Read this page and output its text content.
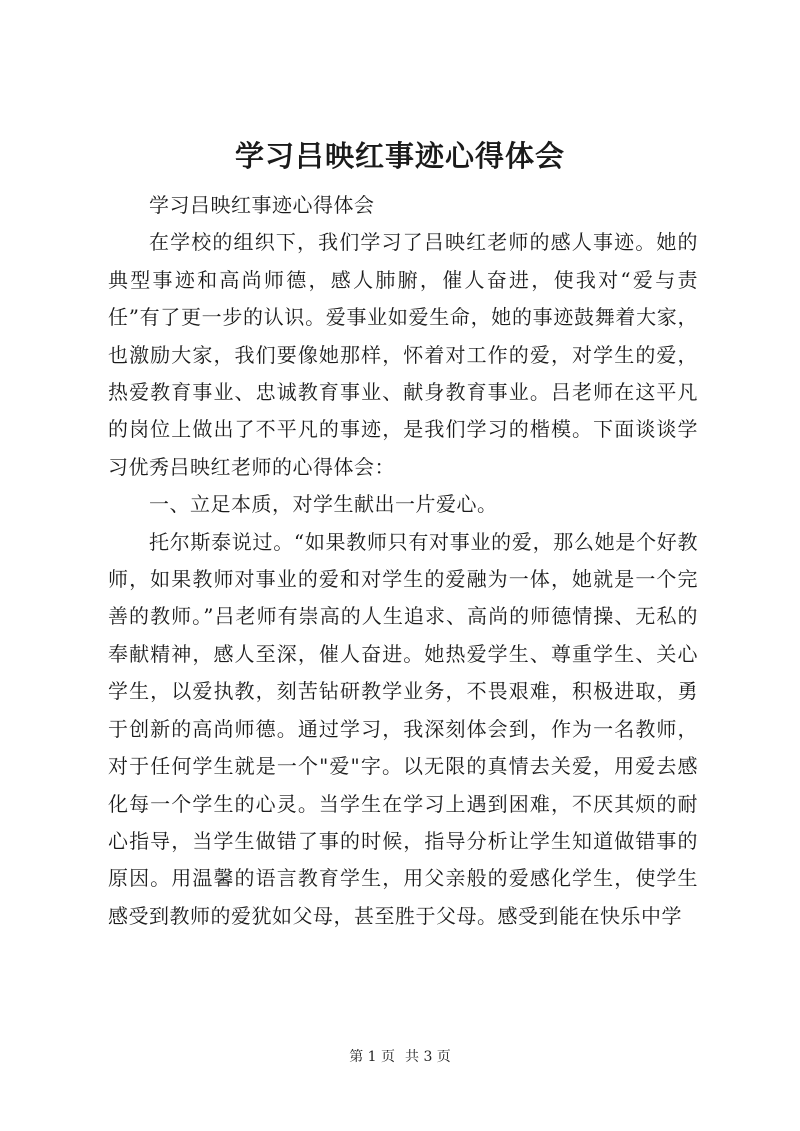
学习吕映红事迹心得体会

学习吕映红事迹心得体会

在学校的组织下，我们学习了吕映红老师的感人事迹。她的典型事迹和高尚师德，感人肺腑，催人奋进，使我对“爱与责任”有了更一步的认识。爱事业如爱生命，她的事迹鼓舞着大家，也激励大家，我们要像她那样，怀着对工作的爱，对学生的爱，热爱教育事业、忠诚教育事业、献身教育事业。吕老师在这平凡的岗位上做出了不平凡的事迹，是我们学习的楷模。下面谈谈学习优秀吕映红老师的心得体会：

一、立足本质，对学生献出一片爱心。

托尔斯泰说过。“如果教师只有对事业的爱，那么她是个好教师，如果教师对事业的爱和对学生的爱融为一体，她就是一个完善的教师。”吕老师有崇高的人生追求、高尚的师德情操、无私的奉献精神，感人至深，催人奋进。她热爱学生、尊重学生、关心学生，以爱执教，刻苦钻研教学业务，不畏艰难，积极进取，勇于创新的高尚师德。通过学习，我深刻体会到，作为一名教师，对于任何学生就是一个"爱"字。以无限的真情去关爱，用爱去感化每一个学生的心灵。当学生在学习上遇到困难，不厌其烦的耐心指导，当学生做错了事的时候，指导分析让学生知道做错事的原因。用温馨的语言教育学生，用父亲般的爱感化学生，使学生感受到教师的爱犹如父母，甚至胜于父母。感受到能在快乐中学

第 1 页 共 3 页
